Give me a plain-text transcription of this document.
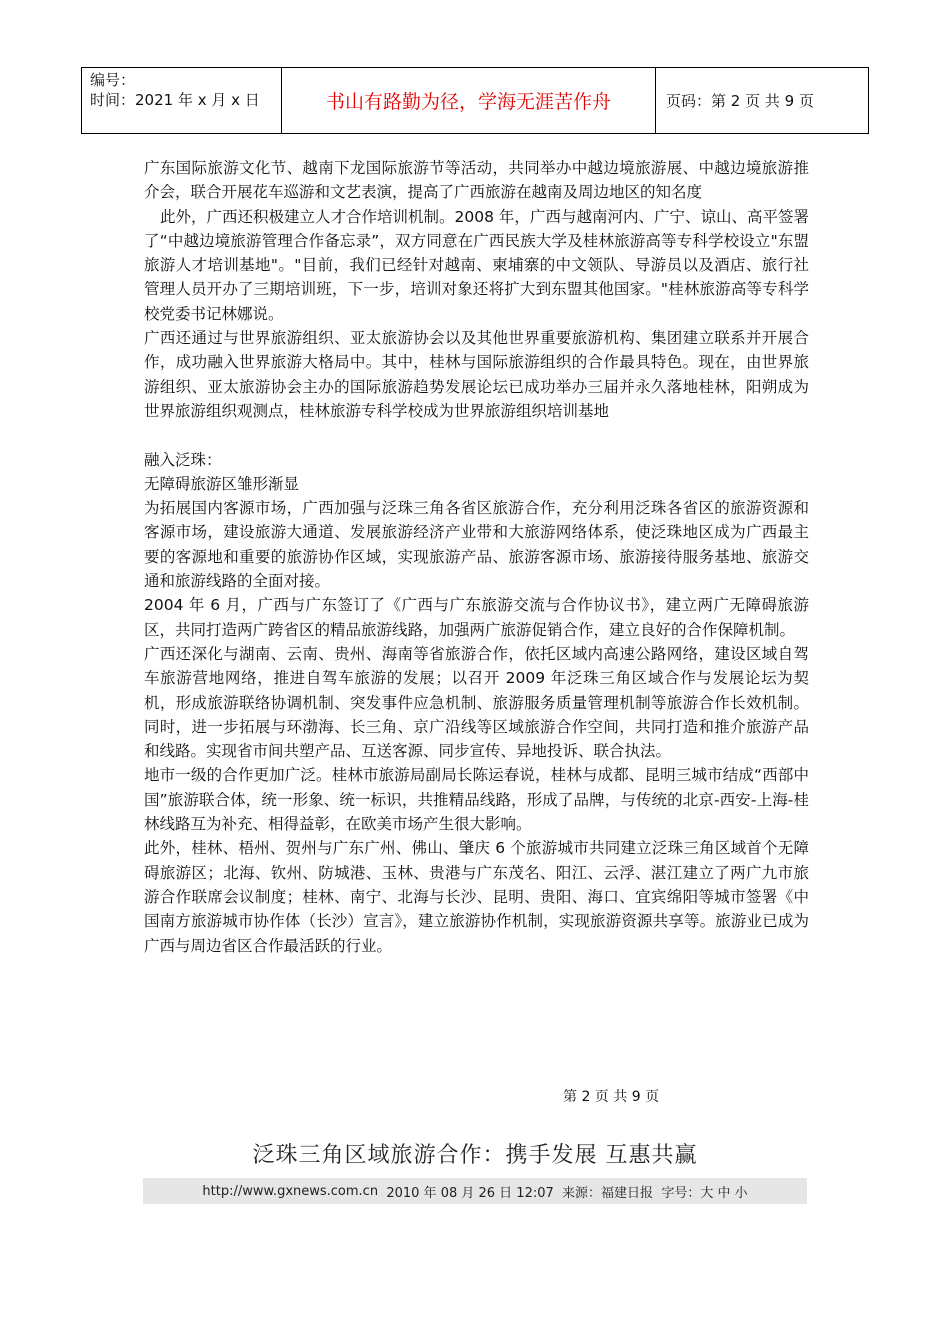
编号：
时间：2021 年 x 月 x 日	书山有路勤为径，学海无涯苦作舟	页码：第 2 页 共 9 页

广东国际旅游文化节、越南下龙国际旅游节等活动，共同举办中越边境旅游展、中越边境旅游推介会，联合开展花车巡游和文艺表演，提高了广西旅游在越南及周边地区的知名度

此外，广西还积极建立人才合作培训机制。2008 年，广西与越南河内、广宁、谅山、高平签署了“中越边境旅游管理合作备忘录”，双方同意在广西民族大学及桂林旅游高等专科学校设立"东盟旅游人才培训基地"。"目前，我们已经针对越南、柬埔寨的中文领队、导游员以及酒店、旅行社管理人员开办了三期培训班，下一步，培训对象还将扩大到东盟其他国家。"桂林旅游高等专科学校党委书记林娜说。

广西还通过与世界旅游组织、亚太旅游协会以及其他世界重要旅游机构、集团建立联系并开展合作，成功融入世界旅游大格局中。其中，桂林与国际旅游组织的合作最具特色。现在，由世界旅游组织、亚太旅游协会主办的国际旅游趋势发展论坛已成功举办三届并永久落地桂林，阳朔成为世界旅游组织观测点，桂林旅游专科学校成为世界旅游组织培训基地

融入泛珠：

无障碍旅游区雏形渐显

为拓展国内客源市场，广西加强与泛珠三角各省区旅游合作，充分利用泛珠各省区的旅游资源和客源市场，建设旅游大通道、发展旅游经济产业带和大旅游网络体系，使泛珠地区成为广西最主要的客源地和重要的旅游协作区域，实现旅游产品、旅游客源市场、旅游接待服务基地、旅游交通和旅游线路的全面对接。

2004 年 6 月，广西与广东签订了《广西与广东旅游交流与合作协议书》，建立两广无障碍旅游区，共同打造两广跨省区的精品旅游线路，加强两广旅游促销合作，建立良好的合作保障机制。

广西还深化与湖南、云南、贵州、海南等省旅游合作，依托区域内高速公路网络，建设区域自驾车旅游营地网络，推进自驾车旅游的发展；以召开 2009 年泛珠三角区域合作与发展论坛为契机，形成旅游联络协调机制、突发事件应急机制、旅游服务质量管理机制等旅游合作长效机制。同时，进一步拓展与环渤海、长三角、京广沿线等区域旅游合作空间，共同打造和推介旅游产品和线路。实现省市间共塑产品、互送客源、同步宣传、异地投诉、联合执法。

地市一级的合作更加广泛。桂林市旅游局副局长陈运春说，桂林与成都、昆明三城市结成“西部中国”旅游联合体，统一形象、统一标识，共推精品线路，形成了品牌，与传统的北京-西安-上海-桂林线路互为补充、相得益彰，在欧美市场产生很大影响。

此外，桂林、梧州、贺州与广东广州、佛山、肇庆 6 个旅游城市共同建立泛珠三角区域首个无障碍旅游区；北海、钦州、防城港、玉林、贵港与广东茂名、阳江、云浮、湛江建立了两广九市旅游合作联席会议制度；桂林、南宁、北海与长沙、昆明、贵阳、海口、宜宾绵阳等城市签署《中国南方旅游城市协作体（长沙）宣言》，建立旅游协作机制，实现旅游资源共享等。旅游业已成为广西与周边省区合作最活跃的行业。

第 2 页 共 9 页
泛珠三角区域旅游合作：携手发展 互惠共赢
http://www.gxnews.com.cn
2010 年 08 月 26 日 12:07
来源：福建日报
字号：大 中 小
